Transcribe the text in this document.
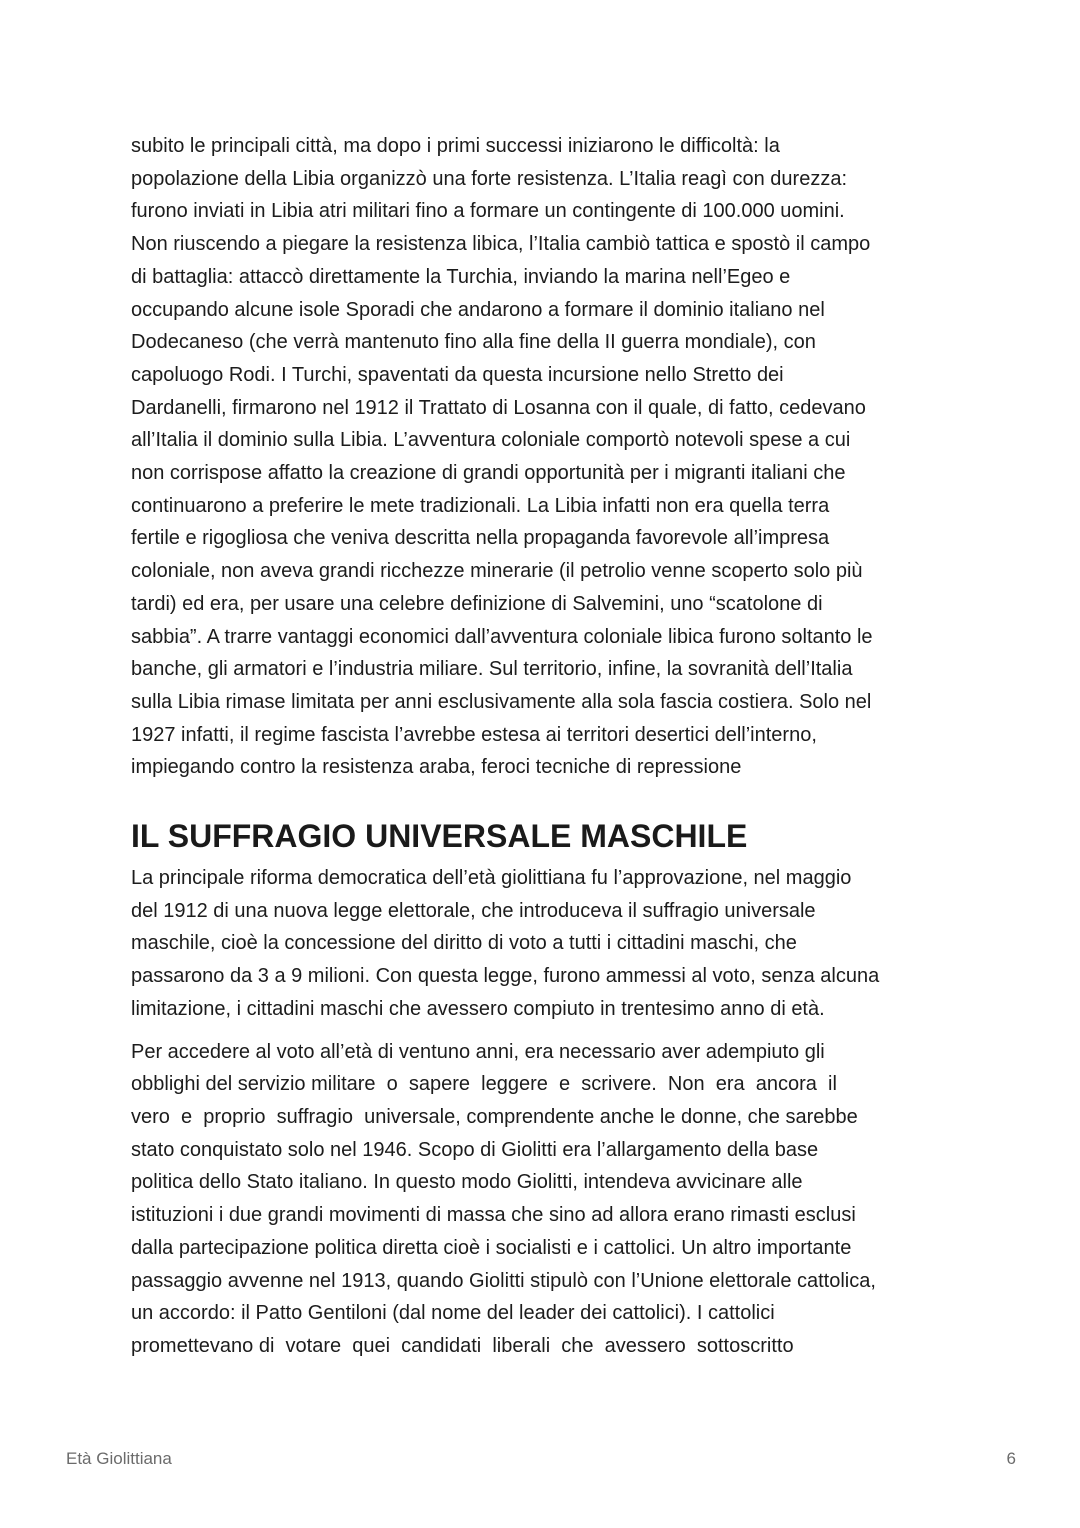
subito le principali città, ma dopo i primi successi iniziarono le difficoltà: la
popolazione della Libia organizzò una forte resistenza. L’Italia reagì con durezza:
furono inviati in Libia atri militari fino a formare un contingente di 100.000 uomini.
Non riuscendo a piegare la resistenza libica, l’Italia cambiò tattica e spostò il campo
di battaglia: attaccò direttamente la Turchia, inviando la marina nell’Egeo e
occupando alcune isole Sporadi che andarono a formare il dominio italiano nel
Dodecaneso (che verrà mantenuto fino alla fine della II guerra mondiale), con
capoluogo Rodi. I Turchi, spaventati da questa incursione nello Stretto dei
Dardanelli, firmarono nel 1912 il Trattato di Losanna con il quale, di fatto, cedevano
all’Italia il dominio sulla Libia. L’avventura coloniale comportò notevoli spese a cui
non corrispose affatto la creazione di grandi opportunità per i migranti italiani che
continuarono a preferire le mete tradizionali. La Libia infatti non era quella terra
fertile e rigogliosa che veniva descritta nella propaganda favorevole all’impresa
coloniale, non aveva grandi ricchezze minerarie (il petrolio venne scoperto solo più
tardi) ed era, per usare una celebre definizione di Salvemini, uno “scatolone di
sabbia”. A trarre vantaggi economici dall’avventura coloniale libica furono soltanto le
banche, gli armatori e l’industria miliare. Sul territorio, infine, la sovranità dell’Italia
sulla Libia rimase limitata per anni esclusivamente alla sola fascia costiera. Solo nel
1927 infatti, il regime fascista l’avrebbe estesa ai territori desertici dell’interno,
impiegando contro la resistenza araba, feroci tecniche di repressione
IL SUFFRAGIO UNIVERSALE MASCHILE
La principale riforma democratica dell’età giolittiana fu l’approvazione, nel maggio
del 1912 di una nuova legge elettorale, che introduceva il suffragio universale
maschile, cioè la concessione del diritto di voto a tutti i cittadini maschi, che
passarono da 3 a 9 milioni. Con questa legge, furono ammessi al voto, senza alcuna
limitazione, i cittadini maschi che avessero compiuto in trentesimo anno di età.
Per accedere al voto all’età di ventuno anni, era necessario aver adempiuto gli
obblighi del servizio militare  o  sapere  leggere  e  scrivere.  Non  era  ancora  il
vero  e  proprio  suffragio  universale, comprendente anche le donne, che sarebbe
stato conquistato solo nel 1946. Scopo di Giolitti era l’allargamento della base
politica dello Stato italiano. In questo modo Giolitti, intendeva avvicinare alle
istituzioni i due grandi movimenti di massa che sino ad allora erano rimasti esclusi
dalla partecipazione politica diretta cioè i socialisti e i cattolici. Un altro importante
passaggio avvenne nel 1913, quando Giolitti stipulò con l’Unione elettorale cattolica,
un accordo: il Patto Gentiloni (dal nome del leader dei cattolici). I cattolici
promettevano di  votare  quei  candidati  liberali  che  avessero  sottoscritto
Età Giolittiana	6
